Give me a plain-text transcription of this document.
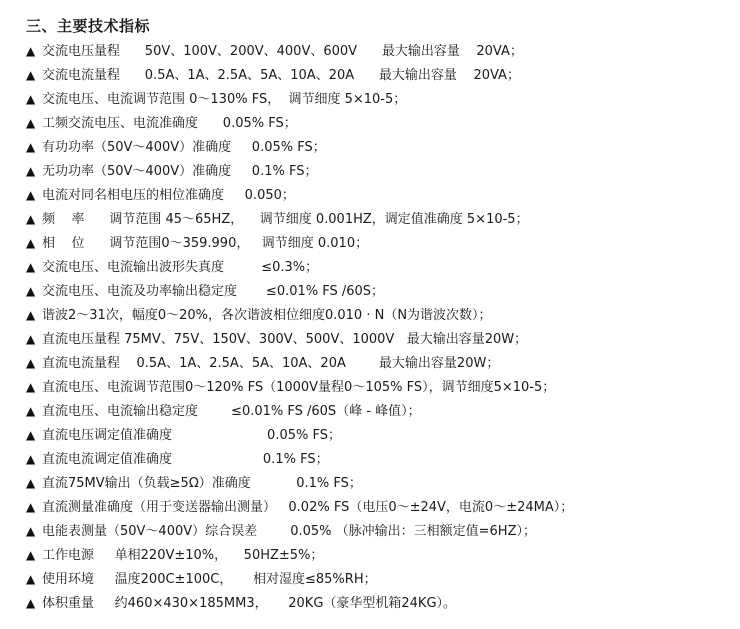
三、主要技术指标
▲ 交流电压量程      50V、100V、200V、400V、600V      最大输出容量    20VA；
▲ 交流电流量程      0.5A、1A、2.5A、5A、10A、20A      最大输出容量    20VA；
▲ 交流电压、电流调节范围 0～130% FS，  调节细度 5×10-5；
▲ 工频交流电压、电流准确度      0.05% FS；
▲ 有功功率（50V～400V）准确度     0.05% FS；
▲ 无功功率（50V～400V）准确度     0.1% FS；
▲ 电流对同名相电压的相位准确度     0.050；
▲ 频    率      调节范围 45～65HZ，    调节细度 0.001HZ，调定值准确度 5×10-5；
▲ 相    位      调节范围0～359.990，   调节细度 0.010；
▲ 交流电压、电流输出波形失真度         ≤0.3%；
▲ 交流电压、电流及功率输出稳定度       ≤0.01% FS /60S；
▲ 谐波2～31次，幅度0～20%，各次谐波相位细度0.010 · N（N为谐波次数）；
▲ 直流电压量程 75MV、75V、150V、300V、500V、1000V   最大输出容量20W；
▲ 直流电流量程    0.5A、1A、2.5A、5A、10A、20A        最大输出容量20W；
▲ 直流电压、电流调节范围0～120% FS（1000V量程0～105% FS），调节细度5×10-5；
▲ 直流电压、电流输出稳定度        ≤0.01% FS /60S（峰 - 峰值）；
▲ 直流电压调定值准确度                       0.05% FS；
▲ 直流电流调定值准确度                      0.1% FS；
▲ 直流75MV输出（负载≥5Ω）准确度           0.1% FS；
▲ 直流测量准确度（用于变送器输出测量）   0.02% FS（电压0～±24V，电流0～±24MA）；
▲ 电能表测量（50V～400V）综合误差        0.05% （脉冲输出：三相额定值=6HZ）；
▲ 工作电源     单相220V±10%，    50HZ±5%；
▲ 使用环境     温度200C±100C，     相对湿度≤85%RH；
▲ 体积重量     约460×430×185MM3，     20KG（豪华型机箱24KG）。
